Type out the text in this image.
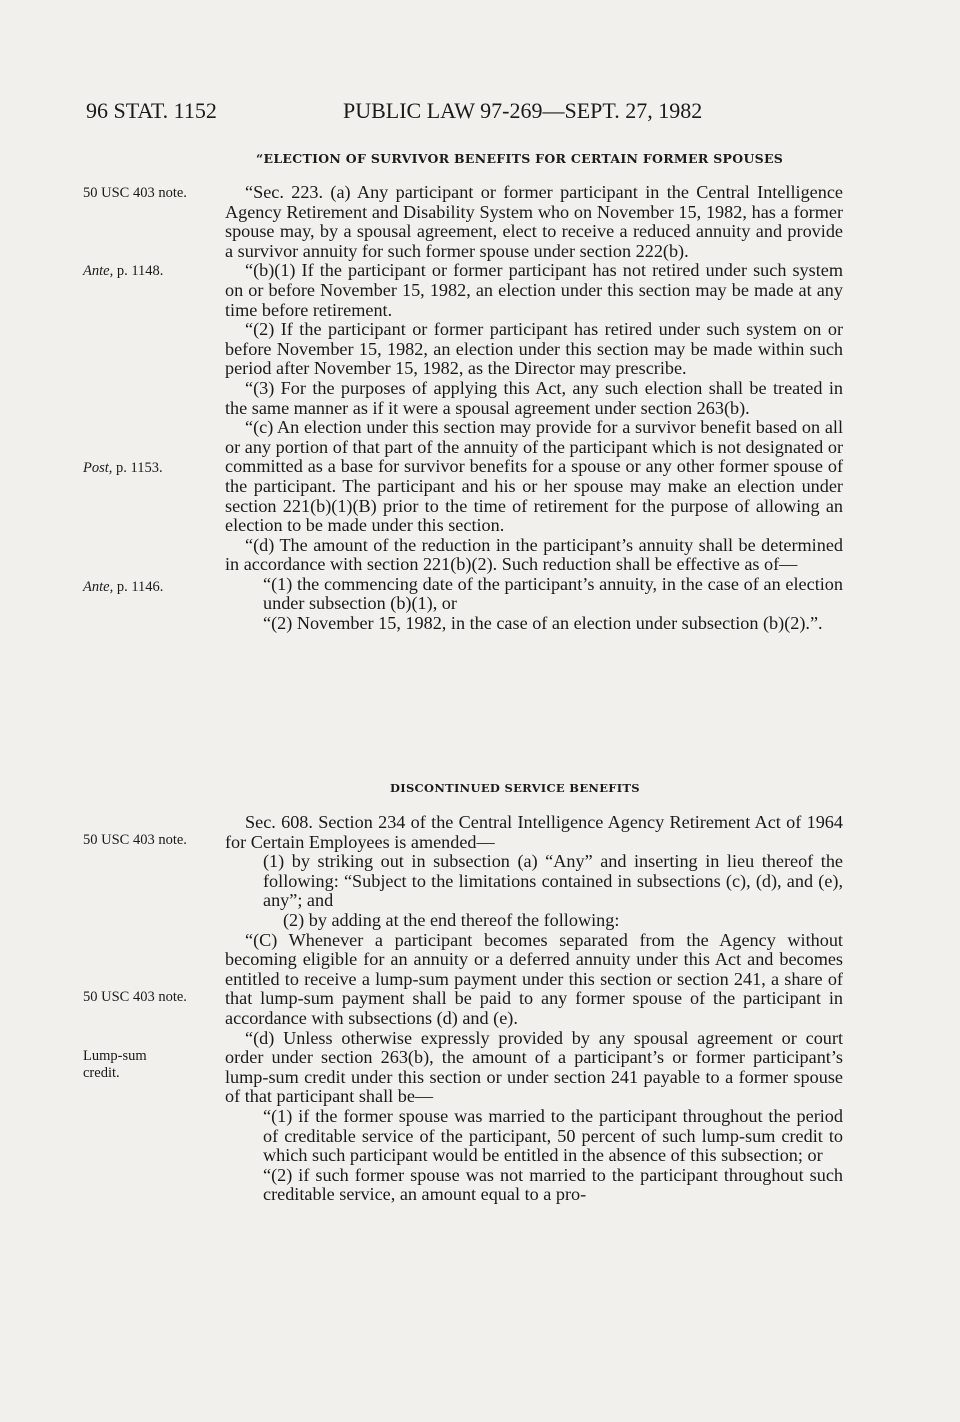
96 STAT. 1152	PUBLIC LAW 97-269—SEPT. 27, 1982
50 USC 403 note.
Ante, p. 1148.
Post, p. 1153.
Ante, p. 1146.
50 USC 403 note.
50 USC 403 note.
Lump-sum credit.
“ELECTION OF SURVIVOR BENEFITS FOR CERTAIN FORMER SPOUSES

“Sec. 223. (a) Any participant or former participant in the Central Intelligence Agency Retirement and Disability System who on November 15, 1982, has a former spouse may, by a spousal agreement, elect to receive a reduced annuity and provide a survivor annuity for such former spouse under section 222(b).

“(b)(1) If the participant or former participant has not retired under such system on or before November 15, 1982, an election under this section may be made at any time before retirement.

“(2) If the participant or former participant has retired under such system on or before November 15, 1982, an election under this section may be made within such period after November 15, 1982, as the Director may prescribe.

“(3) For the purposes of applying this Act, any such election shall be treated in the same manner as if it were a spousal agreement under section 263(b).

“(c) An election under this section may provide for a survivor benefit based on all or any portion of that part of the annuity of the participant which is not designated or committed as a base for survivor benefits for a spouse or any other former spouse of the participant. The participant and his or her spouse may make an election under section 221(b)(1)(B) prior to the time of retirement for the purpose of allowing an election to be made under this section.

“(d) The amount of the reduction in the participant’s annuity shall be determined in accordance with section 221(b)(2). Such reduction shall be effective as of—

“(1) the commencing date of the participant’s annuity, in the case of an election under subsection (b)(1), or

“(2) November 15, 1982, in the case of an election under subsection (b)(2).”.

DISCONTINUED SERVICE BENEFITS

Sec. 608. Section 234 of the Central Intelligence Agency Retirement Act of 1964 for Certain Employees is amended—

(1) by striking out in subsection (a) “Any” and inserting in lieu thereof the following: “Subject to the limitations contained in subsections (c), (d), and (e), any”; and

(2) by adding at the end thereof the following:

“(C) Whenever a participant becomes separated from the Agency without becoming eligible for an annuity or a deferred annuity under this Act and becomes entitled to receive a lump-sum payment under this section or section 241, a share of that lump-sum payment shall be paid to any former spouse of the participant in accordance with subsections (d) and (e).

“(d) Unless otherwise expressly provided by any spousal agreement or court order under section 263(b), the amount of a participant’s or former participant’s lump-sum credit under this section or under section 241 payable to a former spouse of that participant shall be—

“(1) if the former spouse was married to the participant throughout the period of creditable service of the participant, 50 percent of such lump-sum credit to which such participant would be entitled in the absence of this subsection; or

“(2) if such former spouse was not married to the participant throughout such creditable service, an amount equal to a pro-
